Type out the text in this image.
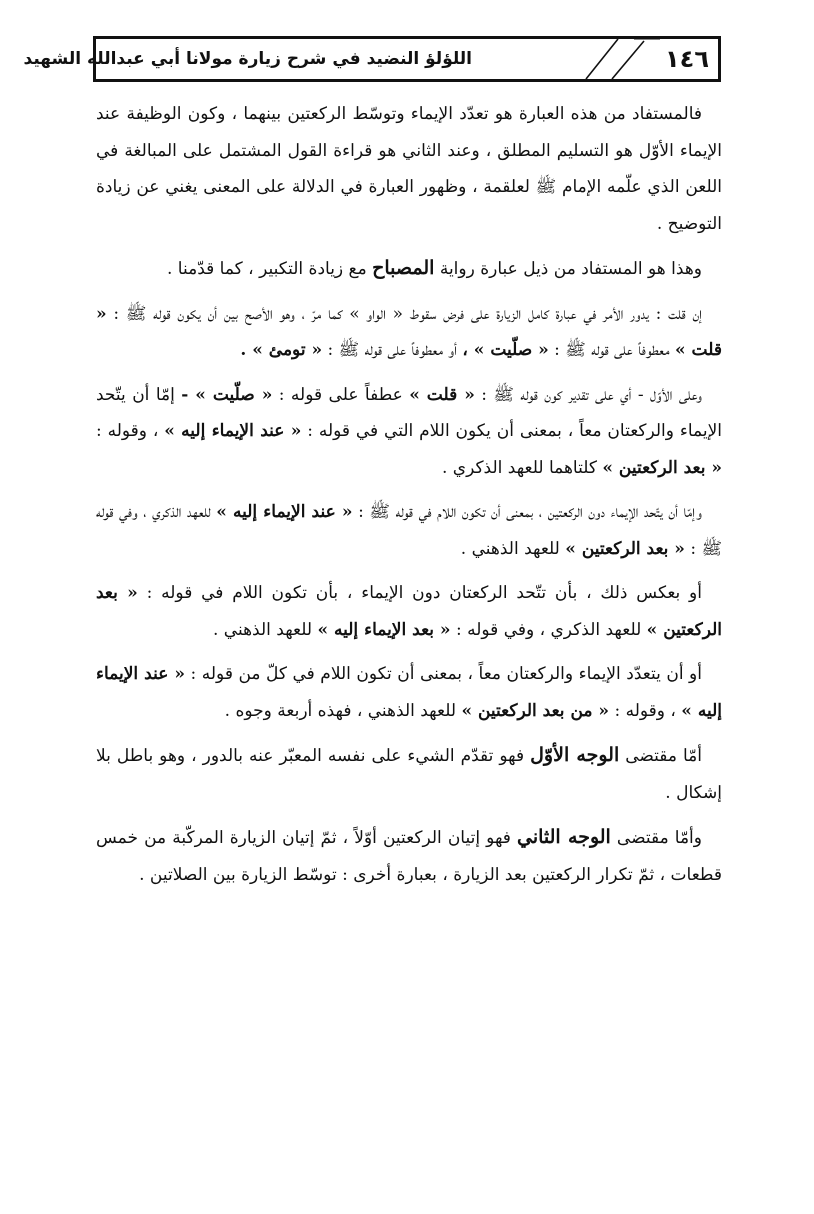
١٤٦
اللؤلؤ النضيد في شرح زيارة مولانا أبي عبدالله الشهيد

فالمستفاد من هذه العبارة هو تعدّد الإيماء وتوسّط الركعتين بينهما ، وكون الوظيفة عند الإيماء الأوّل هو التسليم المطلق ، وعند الثاني هو قراءة القول المشتمل على المبالغة في اللعن الذي علّمه الإمام ﷺ لعلقمة ، وظهور العبارة في الدلالة على المعنى يغني عن زيادة التوضيح .

وهذا هو المستفاد من ذيل عبارة رواية المصباح مع زيادة التكبير ، كما قدّمنا .

إن قلت : يدور الأمر في عبارة كامل الزيارة على فرض سقوط « الواو » كما مرّ ، وهو الأصح بين أن يكون قوله ﷺ : « قلت » معطوفاً على قوله ﷺ : « صلّيت » ، أو معطوفاً على قوله ﷺ : « تومئ » .

وعلى الأوّل - أي على تقدير كون قوله ﷺ : « قلت » عطفاً على قوله : « صلّيت » - إمّا أن يتّحد الإيماء والركعتان معاً ، بمعنى أن يكون اللام التي في قوله : « عند الإيماء إليه » ، وقوله : « بعد الركعتين » كلتاهما للعهد الذكري .

وإمّا أن يتّحد الإيماء دون الركعتين ، بمعنى أن تكون اللام في قوله ﷺ : « عند الإيماء إليه » للعهد الذكري ، وفي قوله ﷺ : « بعد الركعتين » للعهد الذهني .

أو بعكس ذلك ، بأن تتّحد الركعتان دون الإيماء ، بأن تكون اللام في قوله : « بعد الركعتين » للعهد الذكري ، وفي قوله : « بعد الإيماء إليه » للعهد الذهني .

أو أن يتعدّد الإيماء والركعتان معاً ، بمعنى أن تكون اللام في كلّ من قوله : « عند الإيماء إليه » ، وقوله : « من بعد الركعتين » للعهد الذهني ، فهذه أربعة وجوه .

أمّا مقتضى الوجه الأوّل فهو تقدّم الشيء على نفسه المعبّر عنه بالدور ، وهو باطل بلا إشكال .

وأمّا مقتضى الوجه الثاني فهو إتيان الركعتين أوّلاً ، ثمّ إتيان الزيارة المركّبة من خمس قطعات ، ثمّ تكرار الركعتين بعد الزيارة ، بعبارة أخرى : توسّط الزيارة بين الصلاتين .
